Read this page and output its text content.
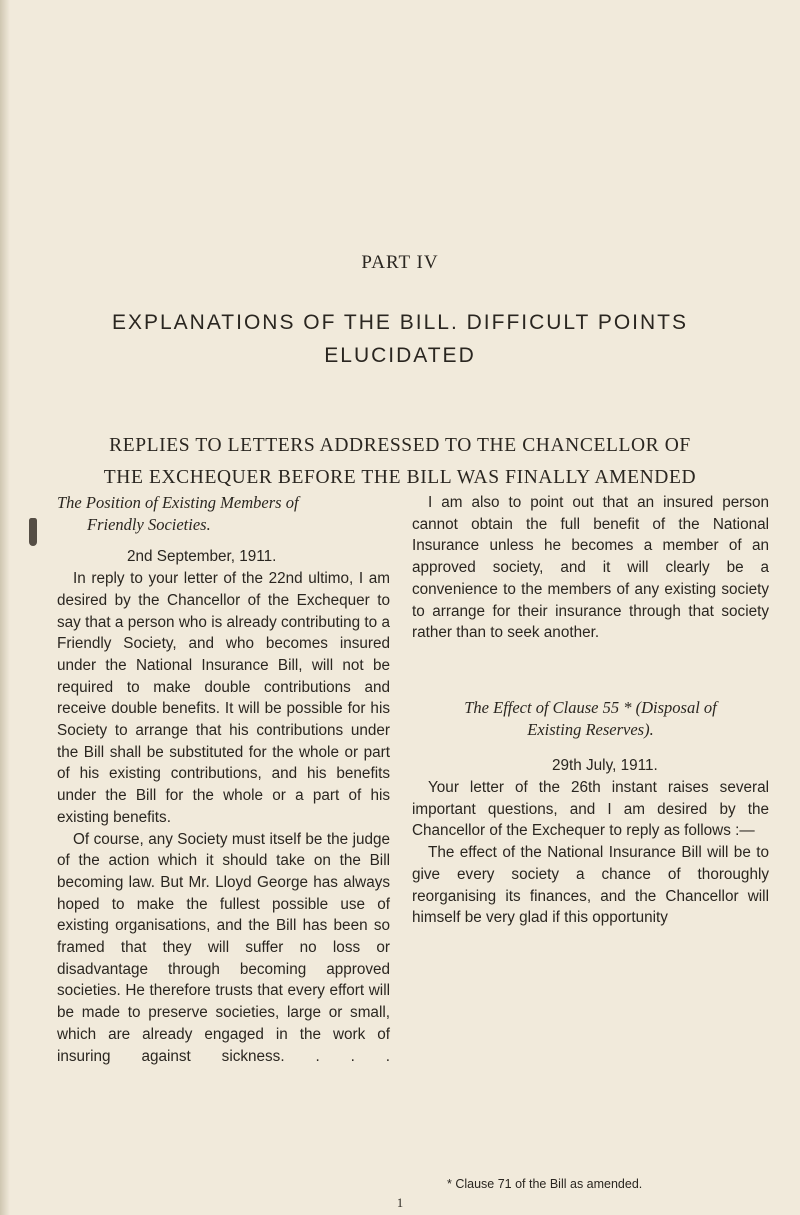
PART IV
EXPLANATIONS OF THE BILL. DIFFICULT POINTS
ELUCIDATED
REPLIES TO LETTERS ADDRESSED TO THE CHANCELLOR OF
THE EXCHEQUER BEFORE THE BILL WAS FINALLY AMENDED
The Position of Existing Members of
Friendly Societies.

2nd September, 1911.

In reply to your letter of the 22nd ultimo, I am desired by the Chancellor of the Exchequer to say that a person who is already contributing to a Friendly Society, and who becomes insured under the National Insurance Bill, will not be required to make double contributions and receive double benefits. It will be possible for his Society to arrange that his contributions under the Bill shall be substituted for the whole or part of his existing contributions, and his benefits under the Bill for the whole or a part of his existing benefits.

Of course, any Society must itself be the judge of the action which it should take on the Bill becoming law. But Mr. Lloyd George has always hoped to make the fullest possible use of existing organisations, and the Bill has been so framed that they will suffer no loss or disadvantage through becoming approved societies. He therefore trusts that every effort will be made to preserve societies, large or small, which are already engaged in the work of insuring against sickness. . . .

I am also to point out that an insured person cannot obtain the full benefit of the National Insurance unless he becomes a member of an approved society, and it will clearly be a convenience to the members of any existing society to arrange for their insurance through that society rather than to seek another.

The Effect of Clause 55 * (Disposal of
Existing Reserves).

29th July, 1911.

Your letter of the 26th instant raises several important questions, and I am desired by the Chancellor of the Exchequer to reply as follows :—

The effect of the National Insurance Bill will be to give every society a chance of thoroughly reorganising its finances, and the Chancellor will himself be very glad if this opportunity

* Clause 71 of the Bill as amended.
1
